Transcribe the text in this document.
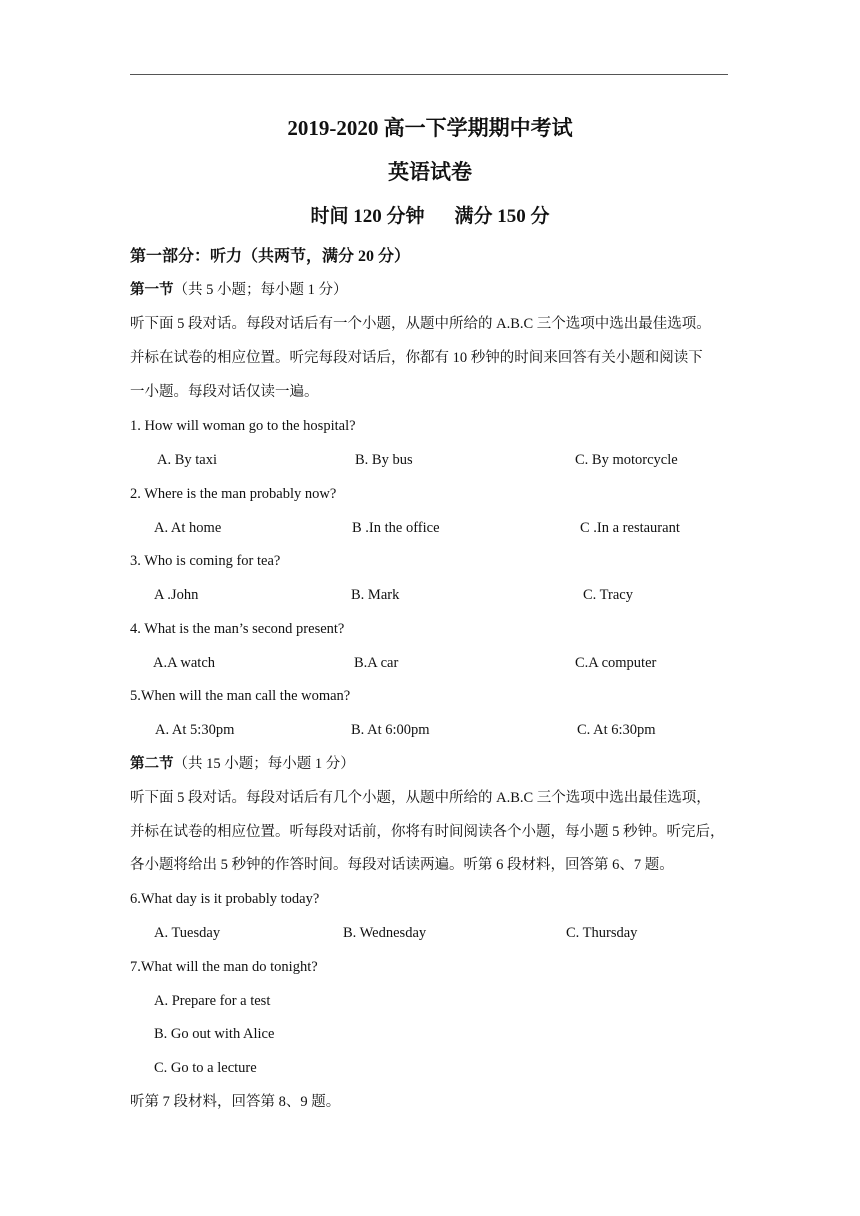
2019-2020 高一下学期期中考试
英语试卷
时间 120 分钟 满分 150 分
第一部分：听力（共两节，满分 20 分）
第一节（共 5 小题；每小题 1 分）
听下面 5 段对话。每段对话后有一个小题，从题中所给的 A.B.C 三个选项中选出最佳选项。
并标在试卷的相应位置。听完每段对话后，你都有 10 秒钟的时间来回答有关小题和阅读下
一小题。每段对话仅读一遍。
1. How will woman go to the hospital?
A. By taxi	B. By bus	C. By motorcycle
2. Where is the man probably now?
A. At home	B .In the office	C .In a restaurant
3. Who is coming for tea?
A .John	B. Mark	C. Tracy
4. What is the man’s second present?
A.A watch	B.A car	C.A computer
5.When will the man call the woman?
A. At 5:30pm	B. At 6:00pm	C. At 6:30pm
第二节（共 15 小题；每小题 1 分）
听下面 5 段对话。每段对话后有几个小题，从题中所给的 A.B.C 三个选项中选出最佳选项，
并标在试卷的相应位置。听每段对话前，你将有时间阅读各个小题，每小题 5 秒钟。听完后，
各小题将给出 5 秒钟的作答时间。每段对话读两遍。听第 6 段材料，回答第 6、7 题。
6.What day is it probably today?
A. Tuesday	B. Wednesday	C. Thursday
7.What will the man do tonight?
A. Prepare for a test
B. Go out with Alice
C. Go to a lecture
听第 7 段材料，回答第 8、9 题。
